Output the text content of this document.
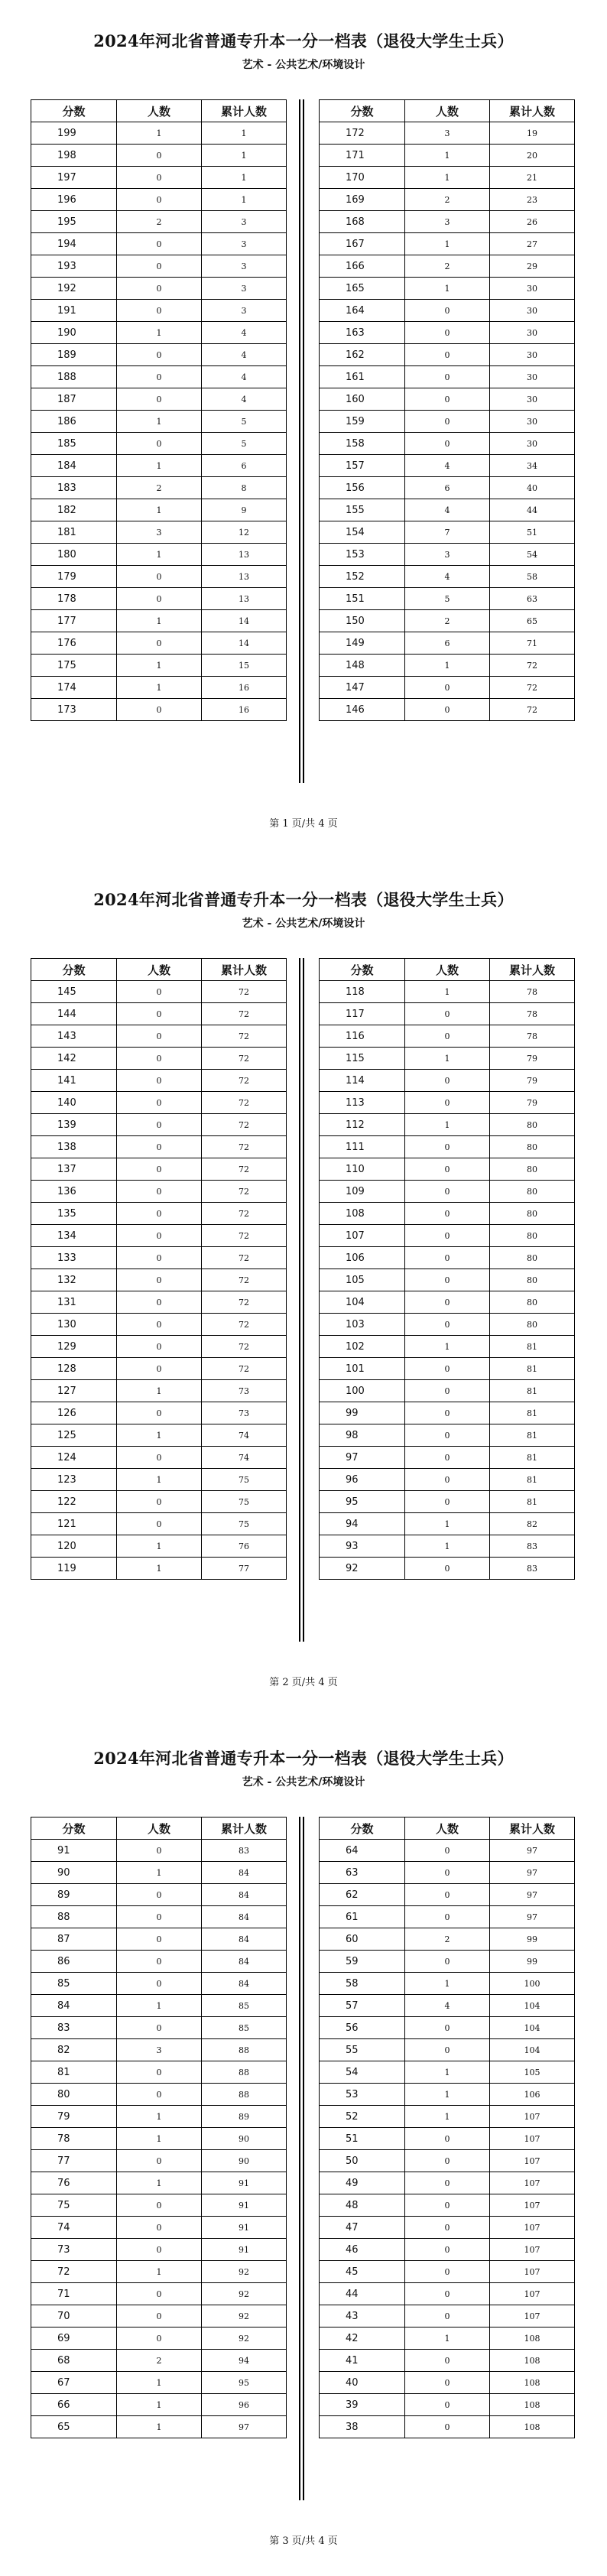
2024年河北省普通专升本一分一档表（退役大学生士兵）
艺术 - 公共艺术/环境设计
分数	人数	累计人数
199	1	1
198	0	1
197	0	1
196	0	1
195	2	3
194	0	3
193	0	3
192	0	3
191	0	3
190	1	4
189	0	4
188	0	4
187	0	4
186	1	5
185	0	5
184	1	6
183	2	8
182	1	9
181	3	12
180	1	13
179	0	13
178	0	13
177	1	14
176	0	14
175	1	15
174	1	16
173	0	16
分数	人数	累计人数
172	3	19
171	1	20
170	1	21
169	2	23
168	3	26
167	1	27
166	2	29
165	1	30
164	0	30
163	0	30
162	0	30
161	0	30
160	0	30
159	0	30
158	0	30
157	4	34
156	6	40
155	4	44
154	7	51
153	3	54
152	4	58
151	5	63
150	2	65
149	6	71
148	1	72
147	0	72
146	0	72
第 1 页/共 4 页
2024年河北省普通专升本一分一档表（退役大学生士兵）
艺术 - 公共艺术/环境设计
分数	人数	累计人数
145	0	72
144	0	72
143	0	72
142	0	72
141	0	72
140	0	72
139	0	72
138	0	72
137	0	72
136	0	72
135	0	72
134	0	72
133	0	72
132	0	72
131	0	72
130	0	72
129	0	72
128	0	72
127	1	73
126	0	73
125	1	74
124	0	74
123	1	75
122	0	75
121	0	75
120	1	76
119	1	77
分数	人数	累计人数
118	1	78
117	0	78
116	0	78
115	1	79
114	0	79
113	0	79
112	1	80
111	0	80
110	0	80
109	0	80
108	0	80
107	0	80
106	0	80
105	0	80
104	0	80
103	0	80
102	1	81
101	0	81
100	0	81
99	0	81
98	0	81
97	0	81
96	0	81
95	0	81
94	1	82
93	1	83
92	0	83
第 2 页/共 4 页
2024年河北省普通专升本一分一档表（退役大学生士兵）
艺术 - 公共艺术/环境设计
分数	人数	累计人数
91	0	83
90	1	84
89	0	84
88	0	84
87	0	84
86	0	84
85	0	84
84	1	85
83	0	85
82	3	88
81	0	88
80	0	88
79	1	89
78	1	90
77	0	90
76	1	91
75	0	91
74	0	91
73	0	91
72	1	92
71	0	92
70	0	92
69	0	92
68	2	94
67	1	95
66	1	96
65	1	97
分数	人数	累计人数
64	0	97
63	0	97
62	0	97
61	0	97
60	2	99
59	0	99
58	1	100
57	4	104
56	0	104
55	0	104
54	1	105
53	1	106
52	1	107
51	0	107
50	0	107
49	0	107
48	0	107
47	0	107
46	0	107
45	0	107
44	0	107
43	0	107
42	1	108
41	0	108
40	0	108
39	0	108
38	0	108
第 3 页/共 4 页
